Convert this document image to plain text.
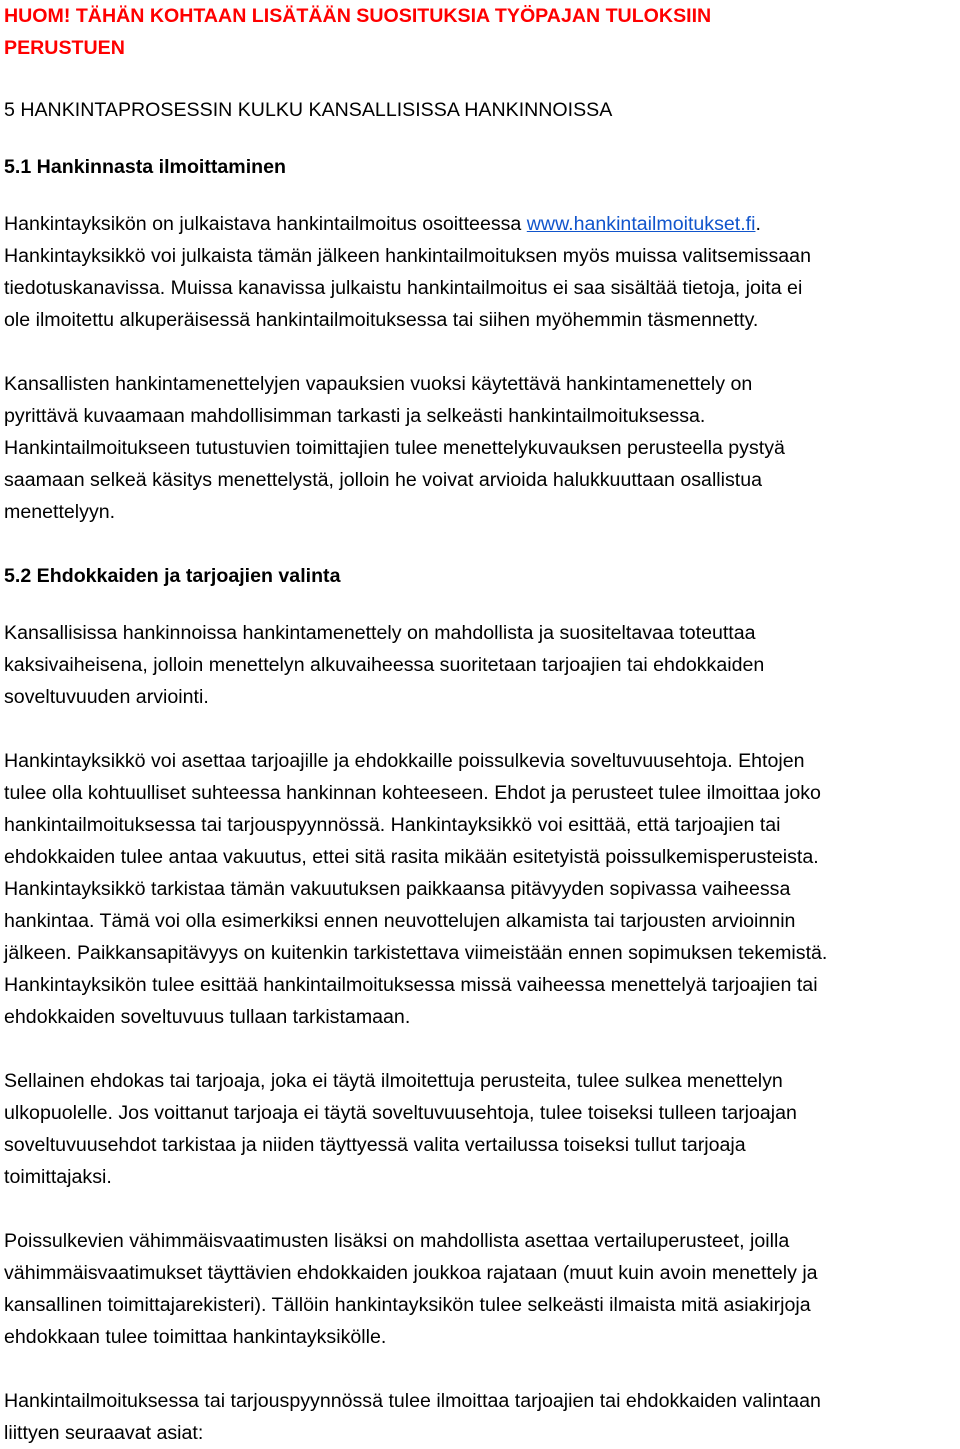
HUOM! TÄHÄN KOHTAAN LISÄTÄÄN SUOSITUKSIA TYÖPAJAN TULOKSIIN
PERUSTUEN
5 HANKINTAPROSESSIN KULKU KANSALLISISSA HANKINNOISSA
5.1 Hankinnasta ilmoittaminen
Hankintayksikön on julkaistava hankintailmoitus osoitteessa www.hankintailmoitukset.fi.
Hankintayksikkö voi julkaista tämän jälkeen hankintailmoituksen myös muissa valitsemissaan
tiedotuskanavissa. Muissa kanavissa julkaistu hankintailmoitus ei saa sisältää tietoja, joita ei
ole ilmoitettu alkuperäisessä hankintailmoituksessa tai siihen myöhemmin täsmennetty.
Kansallisten hankintamenettelyjen vapauksien vuoksi käytettävä hankintamenettely on
pyrittävä kuvaamaan mahdollisimman tarkasti ja selkeästi hankintailmoituksessa.
Hankintailmoitukseen tutustuvien toimittajien tulee menettelykuvauksen perusteella pystyä
saamaan selkeä käsitys menettelystä, jolloin he voivat arvioida halukkuuttaan osallistua
menettelyyn.
5.2 Ehdokkaiden ja tarjoajien valinta
Kansallisissa hankinnoissa hankintamenettely on mahdollista ja suositeltavaa toteuttaa
kaksivaiheisena, jolloin menettelyn alkuvaiheessa suoritetaan tarjoajien tai ehdokkaiden
soveltuvuuden arviointi.
Hankintayksikkö voi asettaa tarjoajille ja ehdokkaille poissulkevia soveltuvuusehtoja. Ehtojen
tulee olla kohtuulliset suhteessa hankinnan kohteeseen. Ehdot ja perusteet tulee ilmoittaa joko
hankintailmoituksessa tai tarjouspyynnössä. Hankintayksikkö voi esittää, että tarjoajien tai
ehdokkaiden tulee antaa vakuutus, ettei sitä rasita mikään esitetyistä poissulkemisperusteista.
Hankintayksikkö tarkistaa tämän vakuutuksen paikkaansa pitävyyden sopivassa vaiheessa
hankintaa. Tämä voi olla esimerkiksi ennen neuvottelujen alkamista tai tarjousten arvioinnin
jälkeen. Paikkansapitävyys on kuitenkin tarkistettava viimeistään ennen sopimuksen tekemistä.
Hankintayksikön tulee esittää hankintailmoituksessa missä vaiheessa menettelyä tarjoajien tai
ehdokkaiden soveltuvuus tullaan tarkistamaan.
Sellainen ehdokas tai tarjoaja, joka ei täytä ilmoitettuja perusteita, tulee sulkea menettelyn
ulkopuolelle. Jos voittanut tarjoaja ei täytä soveltuvuusehtoja, tulee toiseksi tulleen tarjoajan
soveltuvuusehdot tarkistaa ja niiden täyttyessä valita vertailussa toiseksi tullut tarjoaja
toimittajaksi.
Poissulkevien vähimmäisvaatimusten lisäksi on mahdollista asettaa vertailuperusteet, joilla
vähimmäisvaatimukset täyttävien ehdokkaiden joukkoa rajataan (muut kuin avoin menettely ja
kansallinen toimittajarekisteri). Tällöin hankintayksikön tulee selkeästi ilmaista mitä asiakirjoja
ehdokkaan tulee toimittaa hankintayksikölle.
Hankintailmoituksessa tai tarjouspyynnössä tulee ilmoittaa tarjoajien tai ehdokkaiden valintaan
liittyen seuraavat asiat:
